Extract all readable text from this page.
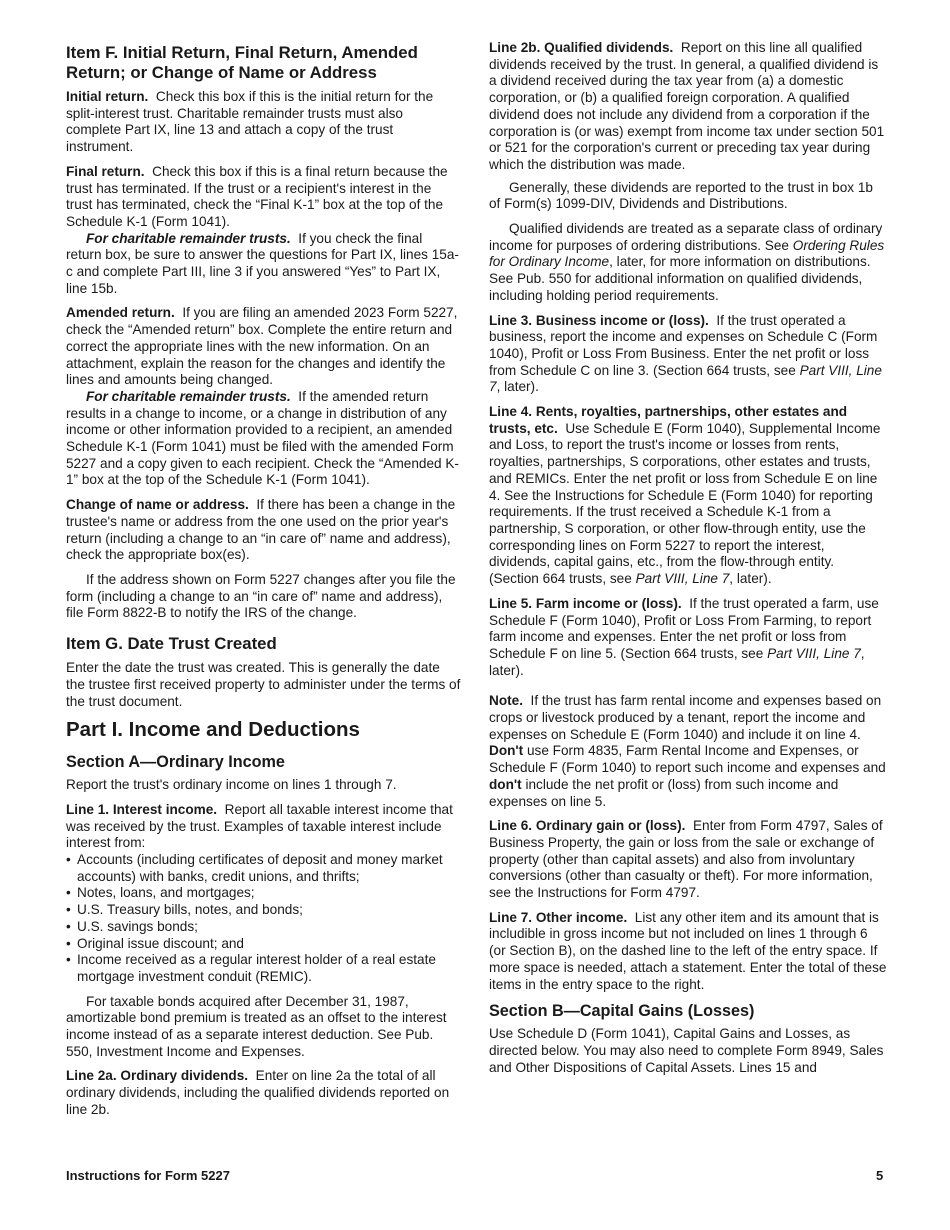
Item F. Initial Return, Final Return, Amended Return; or Change of Name or Address

Initial return. Check this box if this is the initial return for the split-interest trust. Charitable remainder trusts must also complete Part IX, line 13 and attach a copy of the trust instrument.

Final return. Check this box if this is a final return because the trust has terminated. If the trust or a recipient's interest in the trust has terminated, check the “Final K-1” box at the top of the Schedule K-1 (Form 1041).

For charitable remainder trusts. If you check the final return box, be sure to answer the questions for Part IX, lines 15a-c and complete Part III, line 3 if you answered “Yes” to Part IX, line 15b.

Amended return. If you are filing an amended 2023 Form 5227, check the “Amended return” box. Complete the entire return and correct the appropriate lines with the new information. On an attachment, explain the reason for the changes and identify the lines and amounts being changed.

For charitable remainder trusts. If the amended return results in a change to income, or a change in distribution of any income or other information provided to a recipient, an amended Schedule K-1 (Form 1041) must be filed with the amended Form 5227 and a copy given to each recipient. Check the “Amended K-1” box at the top of the Schedule K-1 (Form 1041).

Change of name or address. If there has been a change in the trustee's name or address from the one used on the prior year's return (including a change to an “in care of” name and address), check the appropriate box(es).

If the address shown on Form 5227 changes after you file the form (including a change to an “in care of” name and address), file Form 8822-B to notify the IRS of the change.

Item G. Date Trust Created

Enter the date the trust was created. This is generally the date the trustee first received property to administer under the terms of the trust document.

Part I. Income and Deductions
Section A—Ordinary Income

Report the trust's ordinary income on lines 1 through 7.

Line 1. Interest income. Report all taxable interest income that was received by the trust. Examples of taxable interest include interest from:

• Accounts (including certificates of deposit and money market accounts) with banks, credit unions, and thrifts;
• Notes, loans, and mortgages;
• U.S. Treasury bills, notes, and bonds;
• U.S. savings bonds;
• Original issue discount; and
• Income received as a regular interest holder of a real estate mortgage investment conduit (REMIC).

For taxable bonds acquired after December 31, 1987, amortizable bond premium is treated as an offset to the interest income instead of as a separate interest deduction. See Pub. 550, Investment Income and Expenses.

Line 2a. Ordinary dividends. Enter on line 2a the total of all ordinary dividends, including the qualified dividends reported on line 2b.

Line 2b. Qualified dividends. Report on this line all qualified dividends received by the trust. In general, a qualified dividend is a dividend received during the tax year from (a) a domestic corporation, or (b) a qualified foreign corporation. A qualified dividend does not include any dividend from a corporation if the corporation is (or was) exempt from income tax under section 501 or 521 for the corporation's current or preceding tax year during which the distribution was made.

Generally, these dividends are reported to the trust in box 1b of Form(s) 1099-DIV, Dividends and Distributions.

Qualified dividends are treated as a separate class of ordinary income for purposes of ordering distributions. See Ordering Rules for Ordinary Income, later, for more information on distributions. See Pub. 550 for additional information on qualified dividends, including holding period requirements.

Line 3. Business income or (loss). If the trust operated a business, report the income and expenses on Schedule C (Form 1040), Profit or Loss From Business. Enter the net profit or loss from Schedule C on line 3. (Section 664 trusts, see Part VIII, Line 7, later).

Line 4. Rents, royalties, partnerships, other estates and trusts, etc. Use Schedule E (Form 1040), Supplemental Income and Loss, to report the trust's income or losses from rents, royalties, partnerships, S corporations, other estates and trusts, and REMICs. Enter the net profit or loss from Schedule E on line 4. See the Instructions for Schedule E (Form 1040) for reporting requirements. If the trust received a Schedule K-1 from a partnership, S corporation, or other flow-through entity, use the corresponding lines on Form 5227 to report the interest, dividends, capital gains, etc., from the flow-through entity. (Section 664 trusts, see Part VIII, Line 7, later).

Line 5. Farm income or (loss). If the trust operated a farm, use Schedule F (Form 1040), Profit or Loss From Farming, to report farm income and expenses. Enter the net profit or loss from Schedule F on line 5. (Section 664 trusts, see Part VIII, Line 7, later).

Note. If the trust has farm rental income and expenses based on crops or livestock produced by a tenant, report the income and expenses on Schedule E (Form 1040) and include it on line 4. Don't use Form 4835, Farm Rental Income and Expenses, or Schedule F (Form 1040) to report such income and expenses and don't include the net profit or (loss) from such income and expenses on line 5.

Line 6. Ordinary gain or (loss). Enter from Form 4797, Sales of Business Property, the gain or loss from the sale or exchange of property (other than capital assets) and also from involuntary conversions (other than casualty or theft). For more information, see the Instructions for Form 4797.

Line 7. Other income. List any other item and its amount that is includible in gross income but not included on lines 1 through 6 (or Section B), on the dashed line to the left of the entry space. If more space is needed, attach a statement. Enter the total of these items in the entry space to the right.

Section B—Capital Gains (Losses)

Use Schedule D (Form 1041), Capital Gains and Losses, as directed below. You may also need to complete Form 8949, Sales and Other Dispositions of Capital Assets. Lines 15 and

Instructions for Form 5227	5
